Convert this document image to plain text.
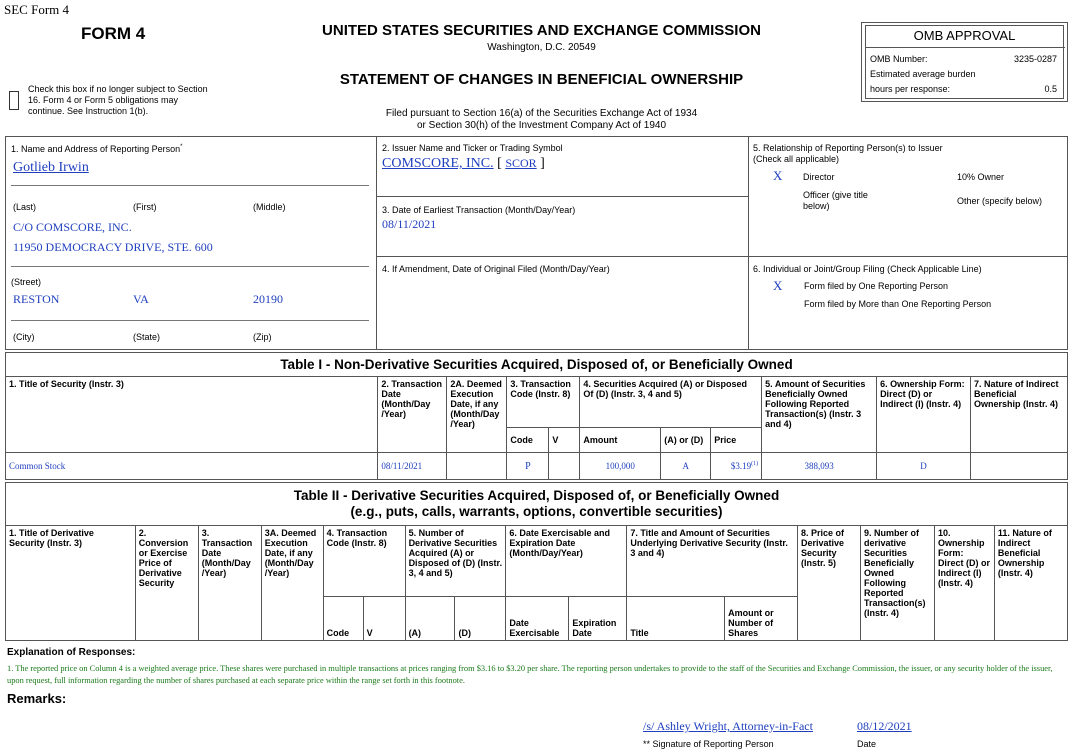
SEC Form 4
FORM 4	UNITED STATES SECURITIES AND EXCHANGE COMMISSION
Washington, D.C. 20549
STATEMENT OF CHANGES IN BENEFICIAL OWNERSHIP
Filed pursuant to Section 16(a) of the Securities Exchange Act of 1934
or Section 30(h) of the Investment Company Act of 1940
Check this box if no longer subject to Section
16. Form 4 or Form 5 obligations may
continue. See Instruction 1(b).
OMB APPROVAL
OMB Number:	3235-0287
Estimated average burden
hours per response:	0.5
1. Name and Address of Reporting Person*
Gotlieb Irwin
(Last)	(First)	(Middle)
C/O COMSCORE, INC.
11950 DEMOCRACY DRIVE, STE. 600
(Street)
RESTON	VA	20190
(City)	(State)	(Zip)
2. Issuer Name and Ticker or Trading Symbol
COMSCORE, INC. [ SCOR ]
3. Date of Earliest Transaction (Month/Day/Year)
08/11/2021
4. If Amendment, Date of Original Filed (Month/Day/Year)
5. Relationship of Reporting Person(s) to Issuer
(Check all applicable)
X Director	10% Owner
Officer (give title
below)	Other (specify below)
6. Individual or Joint/Group Filing (Check Applicable Line)
X Form filed by One Reporting Person
Form filed by More than One Reporting Person
Table I - Non-Derivative Securities Acquired, Disposed of, or Beneficially Owned										
1. Title of Security (Instr. 3)	2. Transaction Date (Month/Day /Year)	2A. Deemed Execution Date, if any (Month/Day /Year)	3. Transaction Code (Instr. 8)		4. Securities Acquired (A) or Disposed Of (D) (Instr. 3, 4 and 5)			5. Amount of Securities Beneficially Owned Following Reported Transaction(s) (Instr. 3 and 4)	6. Ownership Form: Direct (D) or Indirect (I) (Instr. 4)	7. Nature of Indirect Beneficial Ownership (Instr. 4)
			Code	V	Amount	(A) or (D)	Price			
Common Stock	08/11/2021		P		100,000	A	$3.19$^{(1)}$	388,093	D	
Table II - Derivative Securities Acquired, Disposed of, or Beneficially Owned
(e.g., puts, calls, warrants, options, convertible securities)															

1. Title of Derivative Security (Instr. 3)	2. Conversion or Exercise Price of Derivative Security	3. Transaction Date (Month/Day /Year)	3A. Deemed Execution Date, if any (Month/Day /Year)	4. Transaction Code (Instr. 8)		5. Number of Derivative Securities Acquired (A) or Disposed of (D) (Instr. 3, 4 and 5)		6. Date Exercisable and Expiration Date (Month/Day/Year)		7. Title and Amount of Securities Underlying Derivative Security (Instr. 3 and 4)		8. Price of Derivative Security (Instr. 5)	9. Number of derivative Securities Beneficially Owned Following Reported Transaction(s) (Instr. 4)	10. Ownership Form: Direct (D) or Indirect (I) (Instr. 4)	11. Nature of Indirect Beneficial Ownership (Instr. 4)
				Code	V	(A)	(D)	Date Exercisable	Expiration Date	Title	Amount or Number of Shares				
Explanation of Responses:
1. The reported price on Column 4 is a weighted average price. These shares were purchased in multiple transactions at prices ranging from $3.16 to $3.20 per share. The reporting person undertakes to provide to the staff of the Securities and Exchange Commission, the issuer, or any security holder of the issuer, upon request, full information regarding the number of shares purchased at each separate price within the range set forth in this footnote.
Remarks:
/s/ Ashley Wright, Attorney-in-Fact	08/12/2021
** Signature of Reporting Person	Date
